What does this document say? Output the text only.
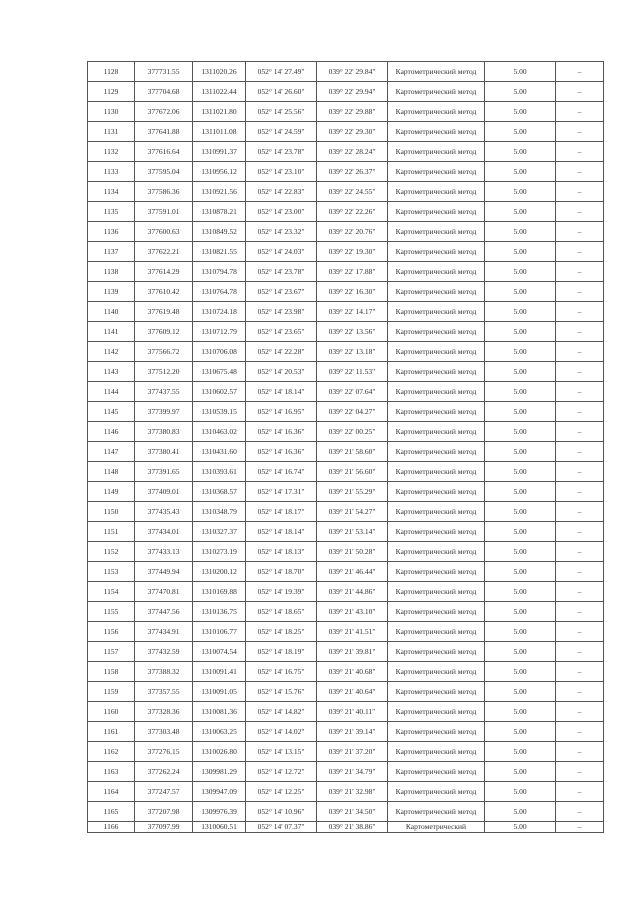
1128	377731.55	1311020.26	052° 14' 27.49"	039° 22' 29.84"	Картометрический метод	5.00	–
1129	377704.68	1311022.44	052° 14' 26.60"	039° 22' 29.94"	Картометрический метод	5.00	–
1130	377672.06	1311021.80	052° 14' 25.56"	039° 22' 29.88"	Картометрический метод	5.00	–
1131	377641.88	1311011.08	052° 14' 24.59"	039° 22' 29.30"	Картометрический метод	5.00	–
1132	377616.64	1310991.37	052° 14' 23.78"	039° 22' 28.24"	Картометрический метод	5.00	–
1133	377595.04	1310956.12	052° 14' 23.10"	039° 22' 26.37"	Картометрический метод	5.00	–
1134	377586.36	1310921.56	052° 14' 22.83"	039° 22' 24.55"	Картометрический метод	5.00	–
1135	377591.01	1310878.21	052° 14' 23.00"	039° 22' 22.26"	Картометрический метод	5.00	–
1136	377600.63	1310849.52	052° 14' 23.32"	039° 22' 20.76"	Картометрический метод	5.00	–
1137	377622.21	1310821.55	052° 14' 24.03"	039° 22' 19.30"	Картометрический метод	5.00	–
1138	377614.29	1310794.78	052° 14' 23.78"	039° 22' 17.88"	Картометрический метод	5.00	–
1139	377610.42	1310764.78	052° 14' 23.67"	039° 22' 16.30"	Картометрический метод	5.00	–
1140	377619.48	1310724.18	052° 14' 23.98"	039° 22' 14.17"	Картометрический метод	5.00	–
1141	377609.12	1310712.79	052° 14' 23.65"	039° 22' 13.56"	Картометрический метод	5.00	–
1142	377566.72	1310706.08	052° 14' 22.28"	039° 22' 13.18"	Картометрический метод	5.00	–
1143	377512.20	1310675.48	052° 14' 20.53"	039° 22' 11.53"	Картометрический метод	5.00	–
1144	377437.55	1310602.57	052° 14' 18.14"	039° 22' 07.64"	Картометрический метод	5.00	–
1145	377399.97	1310539.15	052° 14' 16.95"	039° 22' 04.27"	Картометрический метод	5.00	–
1146	377380.83	1310463.02	052° 14' 16.36"	039° 22' 00.25"	Картометрический метод	5.00	–
1147	377380.41	1310431.60	052° 14' 16.36"	039° 21' 58.60"	Картометрический метод	5.00	–
1148	377391.65	1310393.61	052° 14' 16.74"	039° 21' 56.60"	Картометрический метод	5.00	–
1149	377409.01	1310368.57	052° 14' 17.31"	039° 21' 55.29"	Картометрический метод	5.00	–
1150	377435.43	1310348.79	052° 14' 18.17"	039° 21' 54.27"	Картометрический метод	5.00	–
1151	377434.01	1310327.37	052° 14' 18.14"	039° 21' 53.14"	Картометрический метод	5.00	–
1152	377433.13	1310273.19	052° 14' 18.13"	039° 21' 50.28"	Картометрический метод	5.00	–
1153	377449.94	1310200.12	052° 14' 18.70"	039° 21' 46.44"	Картометрический метод	5.00	–
1154	377470.81	1310169.88	052° 14' 19.39"	039° 21' 44.86"	Картометрический метод	5.00	–
1155	377447.56	1310136.75	052° 14' 18.65"	039° 21' 43.10"	Картометрический метод	5.00	–
1156	377434.91	1310106.77	052° 14' 18.25"	039° 21' 41.51"	Картометрический метод	5.00	–
1157	377432.59	1310074.54	052° 14' 18.19"	039° 21' 39.81"	Картометрический метод	5.00	–
1158	377388.32	1310091.41	052° 14' 16.75"	039° 21' 40.68"	Картометрический метод	5.00	–
1159	377357.55	1310091.05	052° 14' 15.76"	039° 21' 40.64"	Картометрический метод	5.00	–
1160	377328.36	1310081.36	052° 14' 14.82"	039° 21' 40.11"	Картометрический метод	5.00	–
1161	377303.48	1310063.25	052° 14' 14.02"	039° 21' 39.14"	Картометрический метод	5.00	–
1162	377276.15	1310026.80	052° 14' 13.15"	039° 21' 37.20"	Картометрический метод	5.00	–
1163	377262.24	1309981.29	052° 14' 12.72"	039° 21' 34.79"	Картометрический метод	5.00	–
1164	377247.57	1309947.09	052° 14' 12.25"	039° 21' 32.98"	Картометрический метод	5.00	–
1165	377207.98	1309976.39	052° 14' 10.96"	039° 21' 34.50"	Картометрический метод	5.00	–
1166	377097.99	1310060.51	052° 14' 07.37"	039° 21' 38.86"	Картометрический	5.00	–
